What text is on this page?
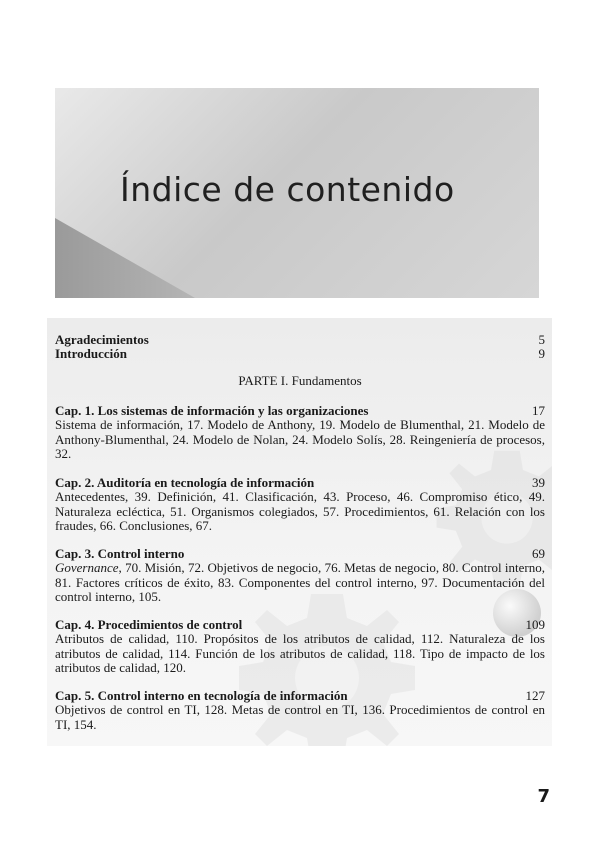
Índice de contenido
Agradecimientos	5
Introducción	9
PARTE I. Fundamentos
Cap. 1. Los sistemas de información y las organizaciones	17
Sistema de información, 17. Modelo de Anthony, 19. Modelo de Blumenthal, 21. Modelo de Anthony-Blumenthal, 24. Modelo de Nolan, 24. Modelo Solís, 28. Reingeniería de procesos, 32.
Cap. 2. Auditoría en tecnología de información	39
Antecedentes, 39. Definición, 41. Clasificación, 43. Proceso, 46. Compromiso ético, 49. Naturaleza ecléctica, 51. Organismos colegiados, 57. Procedimientos, 61. Relación con los fraudes, 66. Conclusiones, 67.
Cap. 3. Control interno	69
Governance, 70. Misión, 72. Objetivos de negocio, 76. Metas de negocio, 80. Control interno, 81. Factores críticos de éxito, 83. Componentes del control interno, 97. Documentación del control interno, 105.
Cap. 4. Procedimientos de control	109
Atributos de calidad, 110. Propósitos de los atributos de calidad, 112. Naturaleza de los atributos de calidad, 114. Función de los atributos de calidad, 118. Tipo de impacto de los atributos de calidad, 120.
Cap. 5. Control interno en tecnología de información	127
Objetivos de control en TI, 128. Metas de control en TI, 136. Procedimientos de control en TI, 154.
7
